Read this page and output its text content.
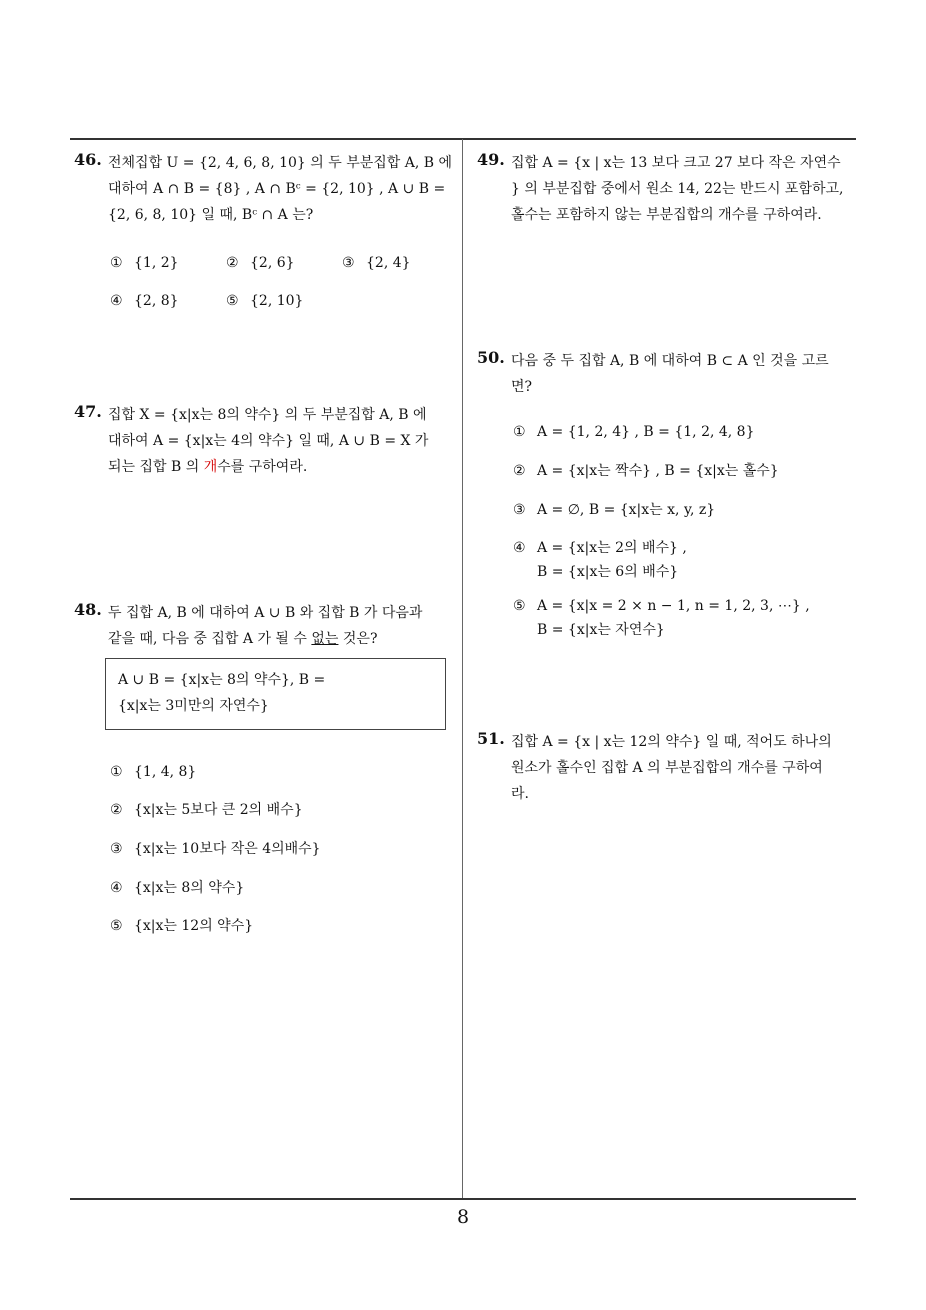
46. 전체집합 U = {2, 4, 6, 8, 10} 의 두 부분집합 A, B 에
대하여 A ∩ B = {8} , A ∩ Bᶜ = {2, 10} , A ∪ B =
{2, 6, 8, 10} 일 때, Bᶜ ∩ A 는?
① {1, 2}	② {2, 6}	③ {2, 4}
④ {2, 8}	⑤ {2, 10}
47. 집합 X = {x|x는 8의 약수} 의 두 부분집합 A, B 에
대하여 A = {x|x는 4의 약수} 일 때, A ∪ B = X 가
되는 집합 B 의 개수를 구하여라.
48. 두 집합 A, B 에 대하여 A ∪ B 와 집합 B 가 다음과
같을 때, 다음 중 집합 A 가 될 수 없는 것은?
A ∪ B = {x|x는 8의 약수}, B =
{x|x는 3미만의 자연수}
① {1, 4, 8}
② {x|x는 5보다 큰 2의 배수}
③ {x|x는 10보다 작은 4의배수}
④ {x|x는 8의 약수}
⑤ {x|x는 12의 약수}
49. 집합 A = {x | x는 13 보다 크고 27 보다 작은 자연수
} 의 부분집합 중에서 원소 14, 22는 반드시 포함하고,
홀수는 포함하지 않는 부분집합의 개수를 구하여라.
50. 다음 중 두 집합 A, B 에 대하여 B ⊂ A 인 것을 고르
면?
① A = {1, 2, 4} , B = {1, 2, 4, 8}
② A = {x|x는 짝수} , B = {x|x는 홀수}
③ A = ∅, B = {x|x는 x, y, z}
④ A = {x|x는 2의 배수} ,
B = {x|x는 6의 배수}
⑤ A = {x|x = 2 × n − 1, n = 1, 2, 3, ⋯} ,
B = {x|x는 자연수}
51. 집합 A = {x | x는 12의 약수} 일 때, 적어도 하나의
원소가 홀수인 집합 A 의 부분집합의 개수를 구하여
라.
8
